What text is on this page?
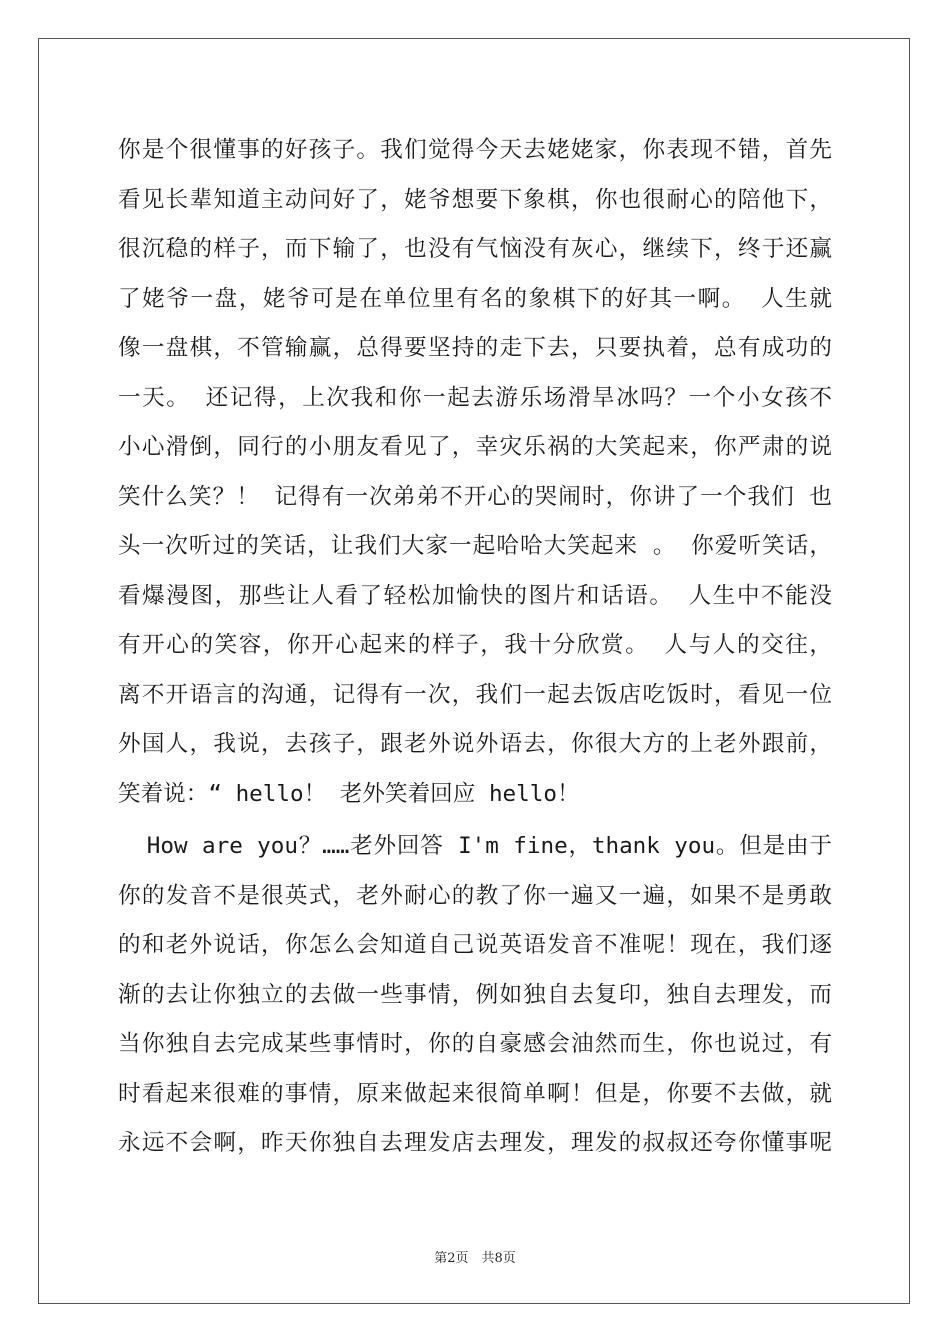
你是个很懂事的好孩子。我们觉得今天去姥姥家，你表现不错，首先
看见长辈知道主动问好了，姥爷想要下象棋，你也很耐心的陪他下，
很沉稳的样子，而下输了，也没有气恼没有灰心，继续下，终于还赢
了姥爷一盘，姥爷可是在单位里有名的象棋下的好其一啊。 人生就
像一盘棋，不管输赢，总得要坚持的走下去，只要执着，总有成功的
一天。 还记得，上次我和你一起去游乐场滑旱冰吗？一个小女孩不
小心滑倒，同行的小朋友看见了，幸灾乐祸的大笑起来，你严肃的说
笑什么笑？！ 记得有一次弟弟不开心的哭闹时，你讲了一个我们 也
头一次听过的笑话，让我们大家一起哈哈大笑起来 。 你爱听笑话，
看爆漫图，那些让人看了轻松加愉快的图片和话语。 人生中不能没
有开心的笑容，你开心起来的样子，我十分欣赏。 人与人的交往，
离不开语言的沟通，记得有一次，我们一起去饭店吃饭时，看见一位
外国人，我说，去孩子，跟老外说外语去，你很大方的上老外跟前，
笑着说：“ hello！ 老外笑着回应 hello！
How are you？……老外回答 I'm fine，thank you。但是由于
你的发音不是很英式，老外耐心的教了你一遍又一遍，如果不是勇敢
的和老外说话，你怎么会知道自己说英语发音不准呢！现在，我们逐
渐的去让你独立的去做一些事情，例如独自去复印，独自去理发，而
当你独自去完成某些事情时，你的自豪感会油然而生，你也说过，有
时看起来很难的事情，原来做起来很简单啊！但是，你要不去做，就
永远不会啊，昨天你独自去理发店去理发，理发的叔叔还夸你懂事呢
第2页　共8页
